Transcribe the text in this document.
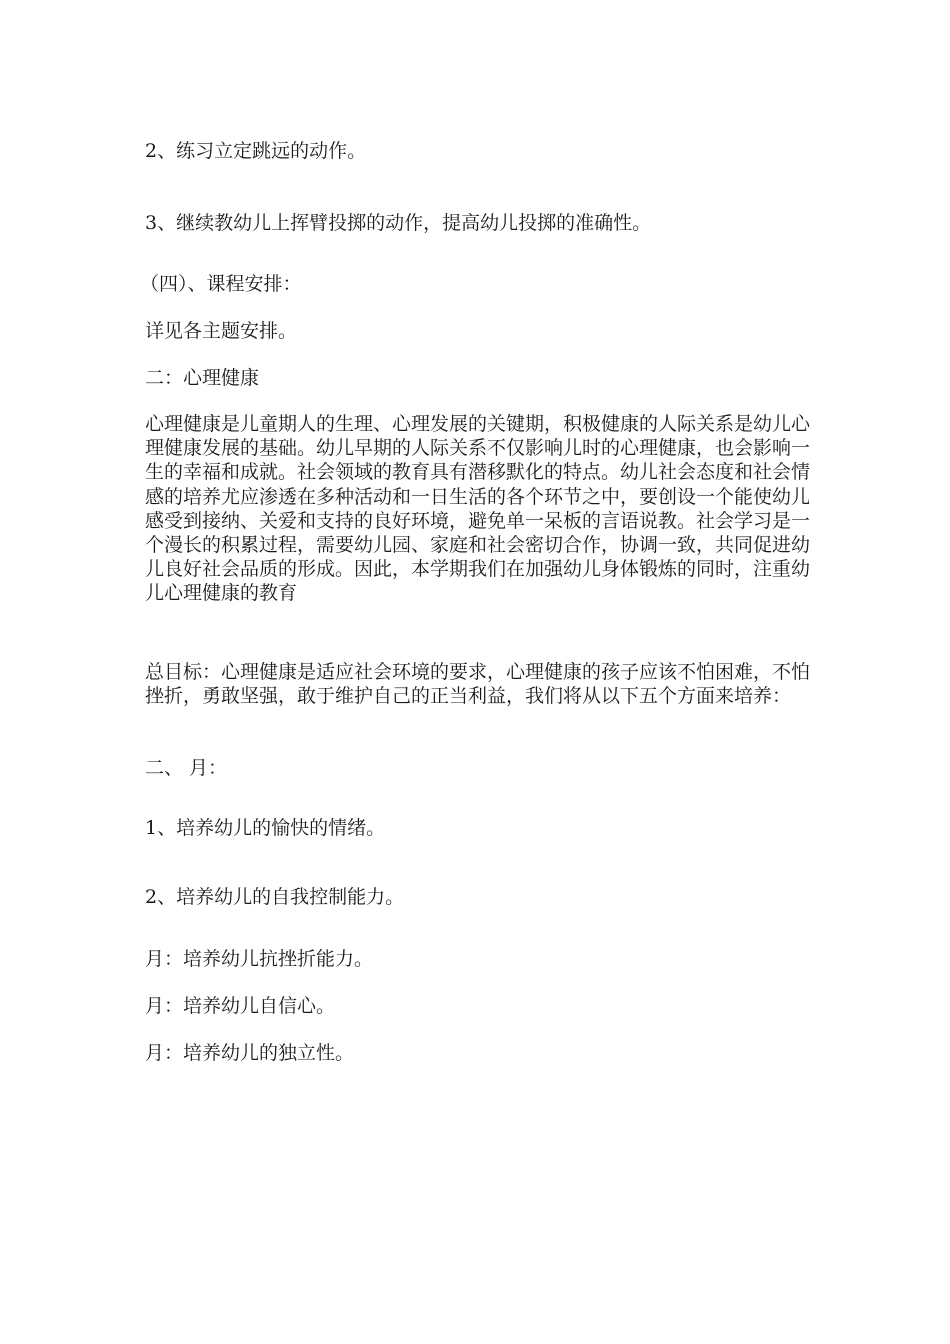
2、练习立定跳远的动作。

3、继续教幼儿上挥臂投掷的动作，提高幼儿投掷的准确性。

（四）、课程安排：

详见各主题安排。

二：心理健康

心理健康是儿童期人的生理、心理发展的关键期，积极健康的人际关系是幼儿心理健康发展的基础。幼儿早期的人际关系不仅影响儿时的心理健康，也会影响一生的幸福和成就。社会领域的教育具有潜移默化的特点。幼儿社会态度和社会情感的培养尤应渗透在多种活动和一日生活的各个环节之中，要创设一个能使幼儿感受到接纳、关爱和支持的良好环境，避免单一呆板的言语说教。社会学习是一个漫长的积累过程，需要幼儿园、家庭和社会密切合作，协调一致，共同促进幼儿良好社会品质的形成。因此，本学期我们在加强幼儿身体锻炼的同时，注重幼儿心理健康的教育

总目标：心理健康是适应社会环境的要求，心理健康的孩子应该不怕困难，不怕挫折，勇敢坚强，敢于维护自己的正当利益，我们将从以下五个方面来培养：

二、 月：

1、培养幼儿的愉快的情绪。

2、培养幼儿的自我控制能力。

月：培养幼儿抗挫折能力。

月：培养幼儿自信心。

月：培养幼儿的独立性。
